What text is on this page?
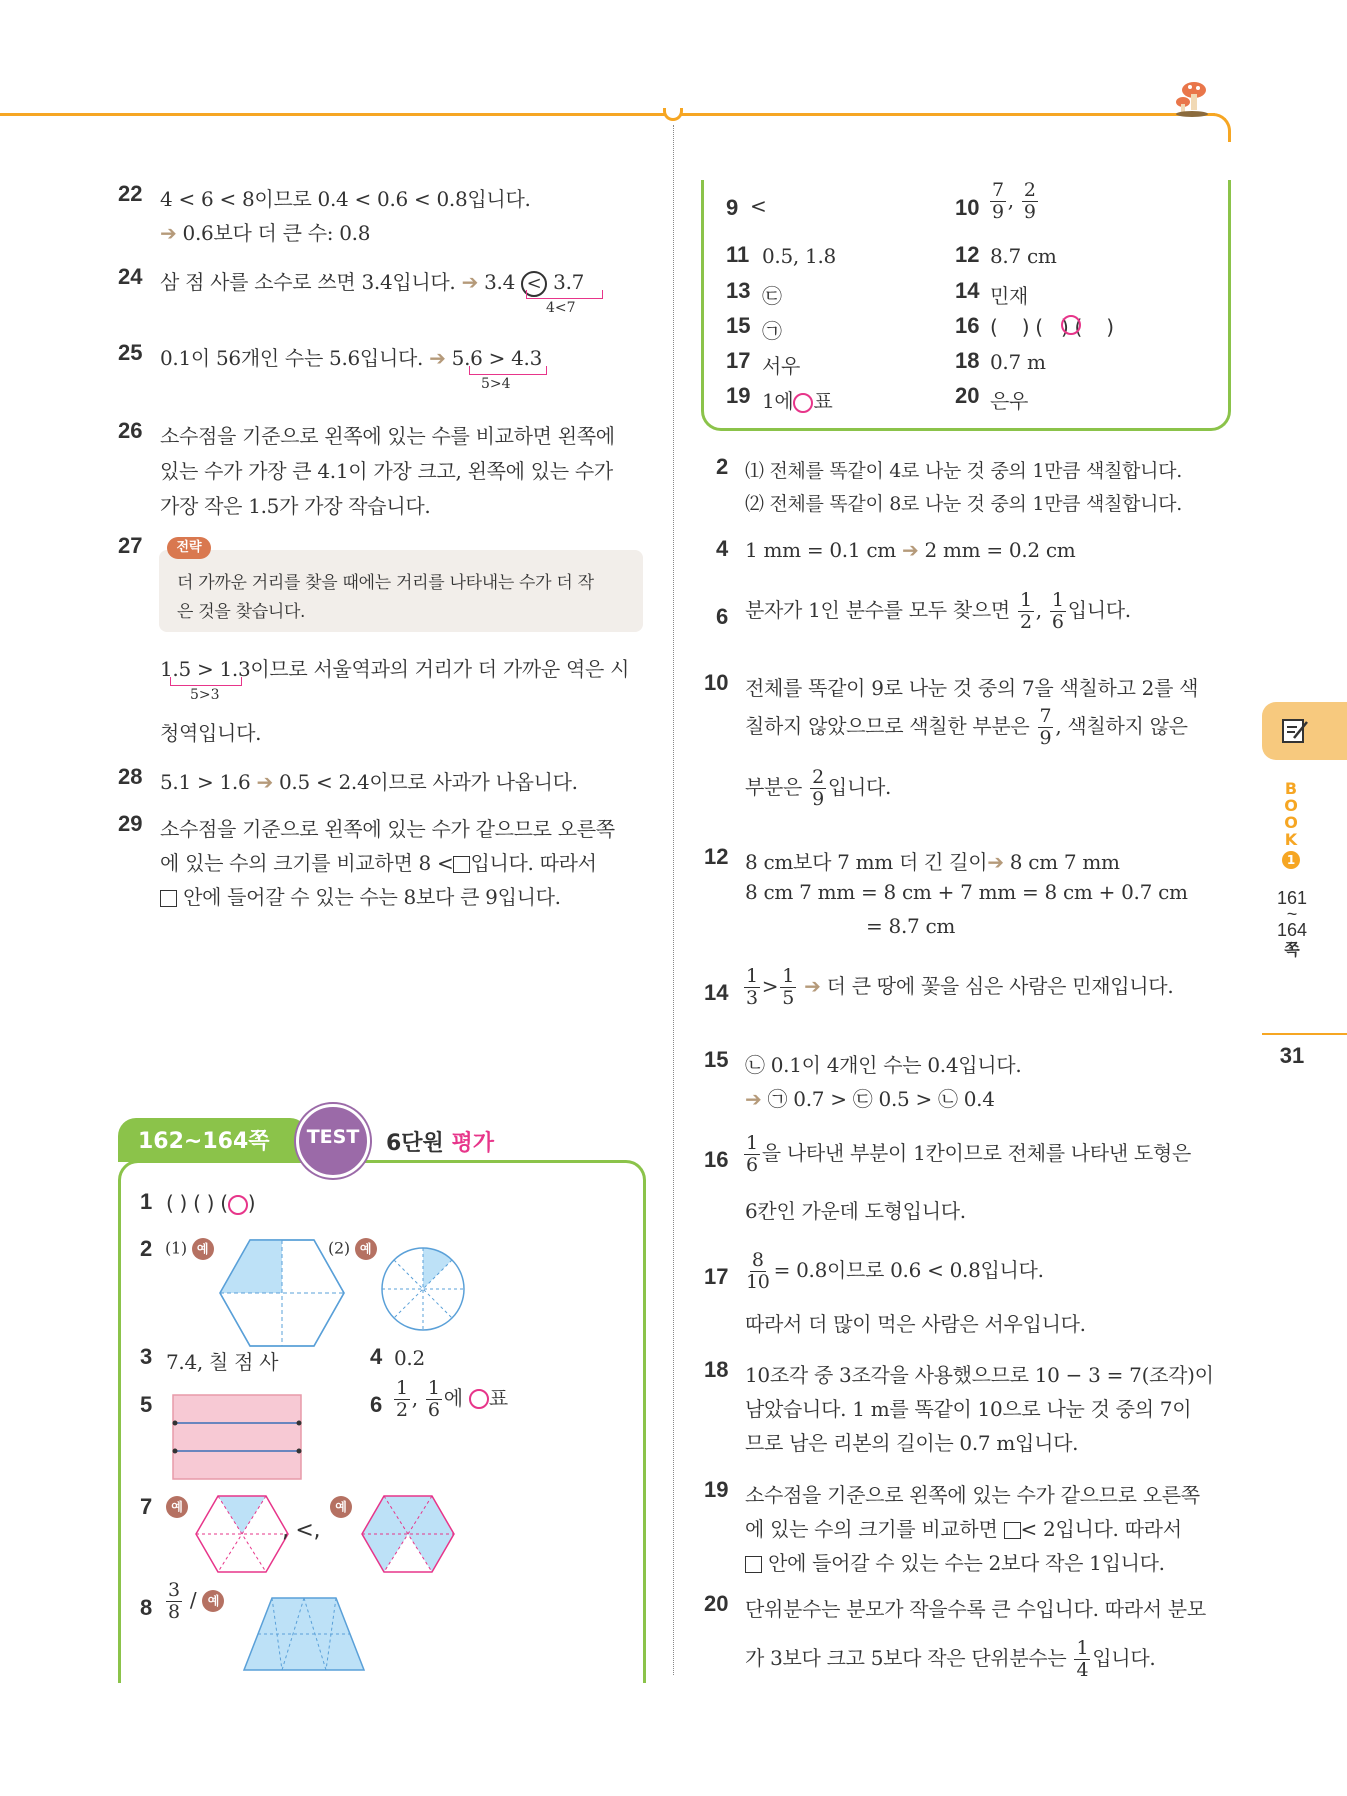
22 4 < 6 < 8이므로 0.4 < 0.6 < 0.8입니다.
➔ 0.6보다 더 큰 수: 0.8
24 삼 점 사를 소수로 쓰면 3.4입니다. ➔ 3.4 < 3.7
4<7
25 0.1이 56개인 수는 5.6입니다. ➔ 5.6 > 4.3
5>4
26 소수점을 기준으로 왼쪽에 있는 수를 비교하면 왼쪽에
있는 수가 가장 큰 4.1이 가장 크고, 왼쪽에 있는 수가
가장 작은 1.5가 가장 작습니다.
27	전략
더 가까운 거리를 찾을 때에는 거리를 나타내는 수가 더 작
은 것을 찾습니다.
1.5 > 1.3이므로 서울역과의 거리가 더 가까운 역은 시
5>3
청역입니다.
28 5.1 > 1.6 ➔ 0.5 < 2.4이므로 사과가 나옵니다.
29 소수점을 기준으로 왼쪽에 있는 수가 같으므로 오른쪽
에 있는 수의 크기를 비교하면 8 < 입니다. 따라서
안에 들어갈 수 있는 수는 8보다 큰 9입니다.
162~164쪽 TEST 6단원 평가
1 ( ) ( ) ( )
2 (1) 예	(2) 예
3 7.4, 칠 점 사	4 0.2
5	$6 \frac{1}{2}$ , $\frac{1}{6}$ 에 표
7	예
, <,
예
$8 \frac{3}{8}$ / 예
9 <	$10 \frac{7}{9}$ , $\frac{2}{9}$
11 0.5, 1.8	12 8.7 cm
13 ㉢	14 민재
15 ㉠	16 (    ) (   ) (    )
17 서우	18 0.7 m
19 1에 표	20 은우
2 ⑴ 전체를 똑같이 4로 나눈 것 중의 1만큼 색칠합니다.
⑵ 전체를 똑같이 8로 나눈 것 중의 1만큼 색칠합니다.
4 1 mm = 0.1 cm ➔ 2 mm = 0.2 cm
6 분자가 1인 분수를 모두 찾으면 $\frac{1}{2}$ , $\frac{1}{6}$ 입니다.
10 전체를 똑같이 9로 나눈 것 중의 7을 색칠하고 2를 색
칠하지 않았으므로 색칠한 부분은 $\frac{7}{9}$ , 색칠하지 않은
부분은 $\frac{2}{9}$ 입니다.
12 8 cm보다 7 mm 더 긴 길이➔ 8 cm 7 mm
8 cm 7 mm = 8 cm + 7 mm = 8 cm + 0.7 cm
= 8.7 cm
$14 \frac{1}{3} > \frac{1}{5}$ ➔ 더 큰 땅에 꽃을 심은 사람은 민재입니다.
15 ㉡ 0.1이 4개인 수는 0.4입니다.
➔ ㉠ 0.7 > ㉢ 0.5 > ㉡ 0.4
$16 \frac{1}{6}$ 을 나타낸 부분이 1칸이므로 전체를 나타낸 도형은
6칸인 가운데 도형입니다.
$17 \frac{8}{10} = 0.8$이므로 0.6 < 0.8입니다.
따라서 더 많이 먹은 사람은 서우입니다.
18 10조각 중 3조각을 사용했으므로 10 − 3 = 7(조각)이
남았습니다. 1 m를 똑같이 10으로 나눈 것 중의 7이
므로 남은 리본의 길이는 0.7 m입니다.
19 소수점을 기준으로 왼쪽에 있는 수가 같으므로 오른쪽
에 있는 수의 크기를 비교하면 < 2입니다. 따라서
안에 들어갈 수 있는 수는 2보다 작은 1입니다.
20 단위분수는 분모가 작을수록 큰 수입니다. 따라서 분모
가 3보다 크고 5보다 작은 단위분수는 $\frac{1}{4}$ 입니다.
BOOK
1
161
~
164
쪽
31
